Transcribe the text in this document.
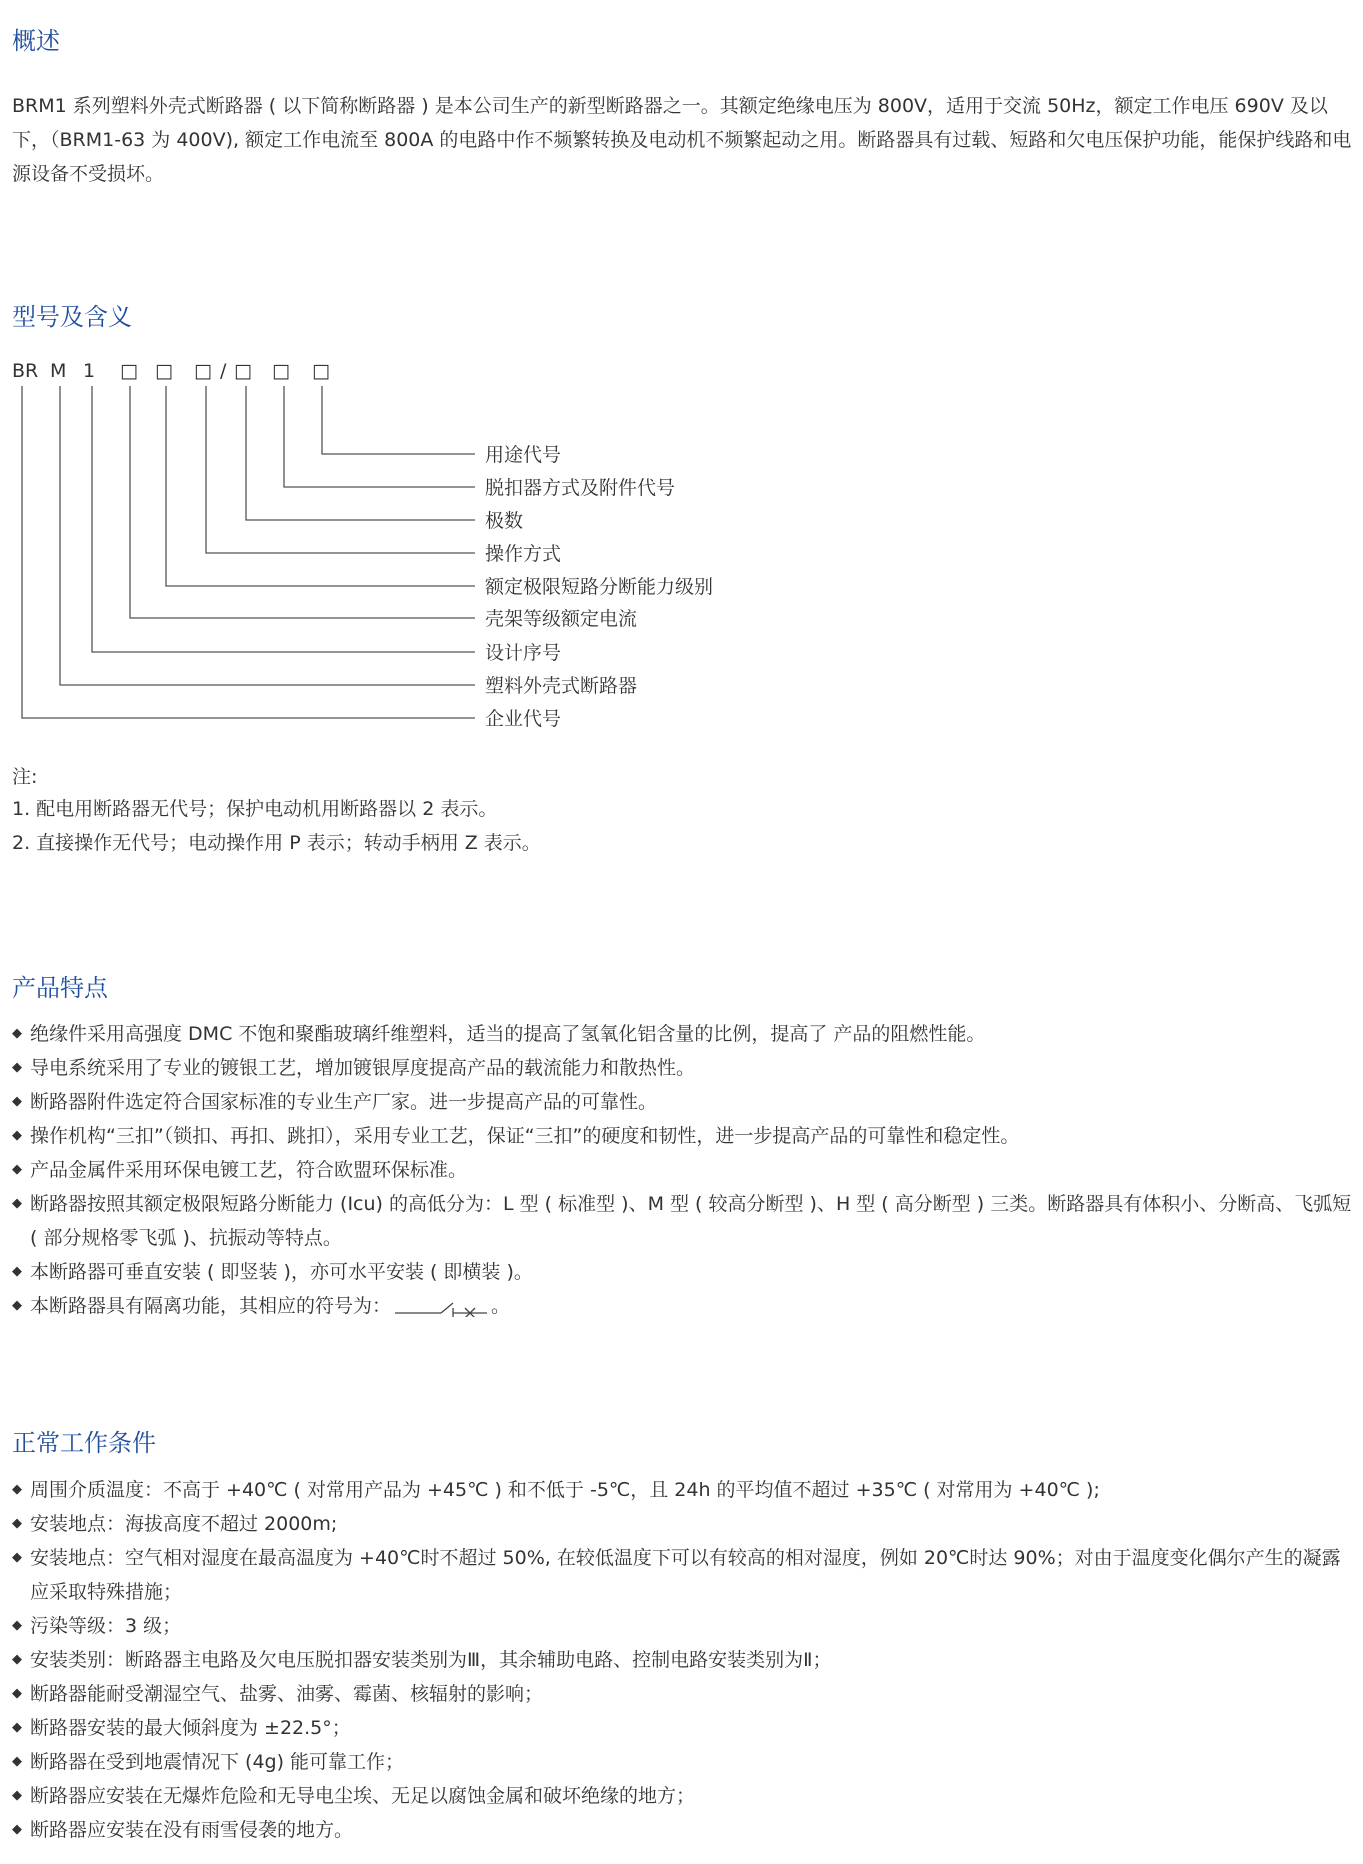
概述

BRM1 系列塑料外壳式断路器 ( 以下简称断路器 ) 是本公司生产的新型断路器之一。其额定绝缘电压为 800V，适用于交流 50Hz，额定工作电压 690V 及以下，（BRM1-63 为 400V), 额定工作电流至 800A 的电路中作不频繁转换及电动机不频繁起动之用。断路器具有过载、短路和欠电压保护功能，能保护线路和电源设备不受损坏。

型号及含义
BR M 1 □ □ □ / □ □ □
用途代号
脱扣器方式及附件代号
极数
操作方式
额定极限短路分断能力级别
壳架等级额定电流
设计序号
塑料外壳式断路器
企业代号
注:
1. 配电用断路器无代号；保护电动机用断路器以 2 表示。
2. 直接操作无代号；电动操作用 P 表示；转动手柄用 Z 表示。
产品特点
◆ 绝缘件采用高强度 DMC 不饱和聚酯玻璃纤维塑料，适当的提高了氢氧化铝含量的比例，提高了 产品的阻燃性能。
◆ 导电系统采用了专业的镀银工艺，增加镀银厚度提高产品的载流能力和散热性。
◆ 断路器附件选定符合国家标准的专业生产厂家。进一步提高产品的可靠性。
◆ 操作机构“三扣”（锁扣、再扣、跳扣），采用专业工艺，保证“三扣”的硬度和韧性，进一步提高产品的可靠性和稳定性。
◆ 产品金属件采用环保电镀工艺，符合欧盟环保标准。
◆ 断路器按照其额定极限短路分断能力 (Icu) 的高低分为：L 型 ( 标准型 )、M 型 ( 较高分断型 )、H 型 ( 高分断型 ) 三类。断路器具有体积小、分断高、飞弧短 ( 部分规格零飞弧 )、抗振动等特点。
◆ 本断路器可垂直安装 ( 即竖装 )，亦可水平安装 ( 即横装 )。
◆ 本断路器具有隔离功能，其相应的符号为：	。
正常工作条件
◆ 周围介质温度：不高于 +40℃ ( 对常用产品为 +45℃ ) 和不低于 -5℃，且 24h 的平均值不超过 +35℃ ( 对常用为 +40℃ );
◆ 安装地点：海拔高度不超过 2000m;
◆ 安装地点：空气相对湿度在最高温度为 +40℃时不超过 50%, 在较低温度下可以有较高的相对湿度，例如 20℃时达 90%；对由于温度变化偶尔产生的凝露应采取特殊措施；
◆ 污染等级：3 级；
◆ 安装类别：断路器主电路及欠电压脱扣器安装类别为Ⅲ，其余辅助电路、控制电路安装类别为Ⅱ；
◆ 断路器能耐受潮湿空气、盐雾、油雾、霉菌、核辐射的影响；
◆ 断路器安装的最大倾斜度为 ±22.5°；
◆ 断路器在受到地震情况下 (4g) 能可靠工作；
◆ 断路器应安装在无爆炸危险和无导电尘埃、无足以腐蚀金属和破坏绝缘的地方；
◆ 断路器应安装在没有雨雪侵袭的地方。
